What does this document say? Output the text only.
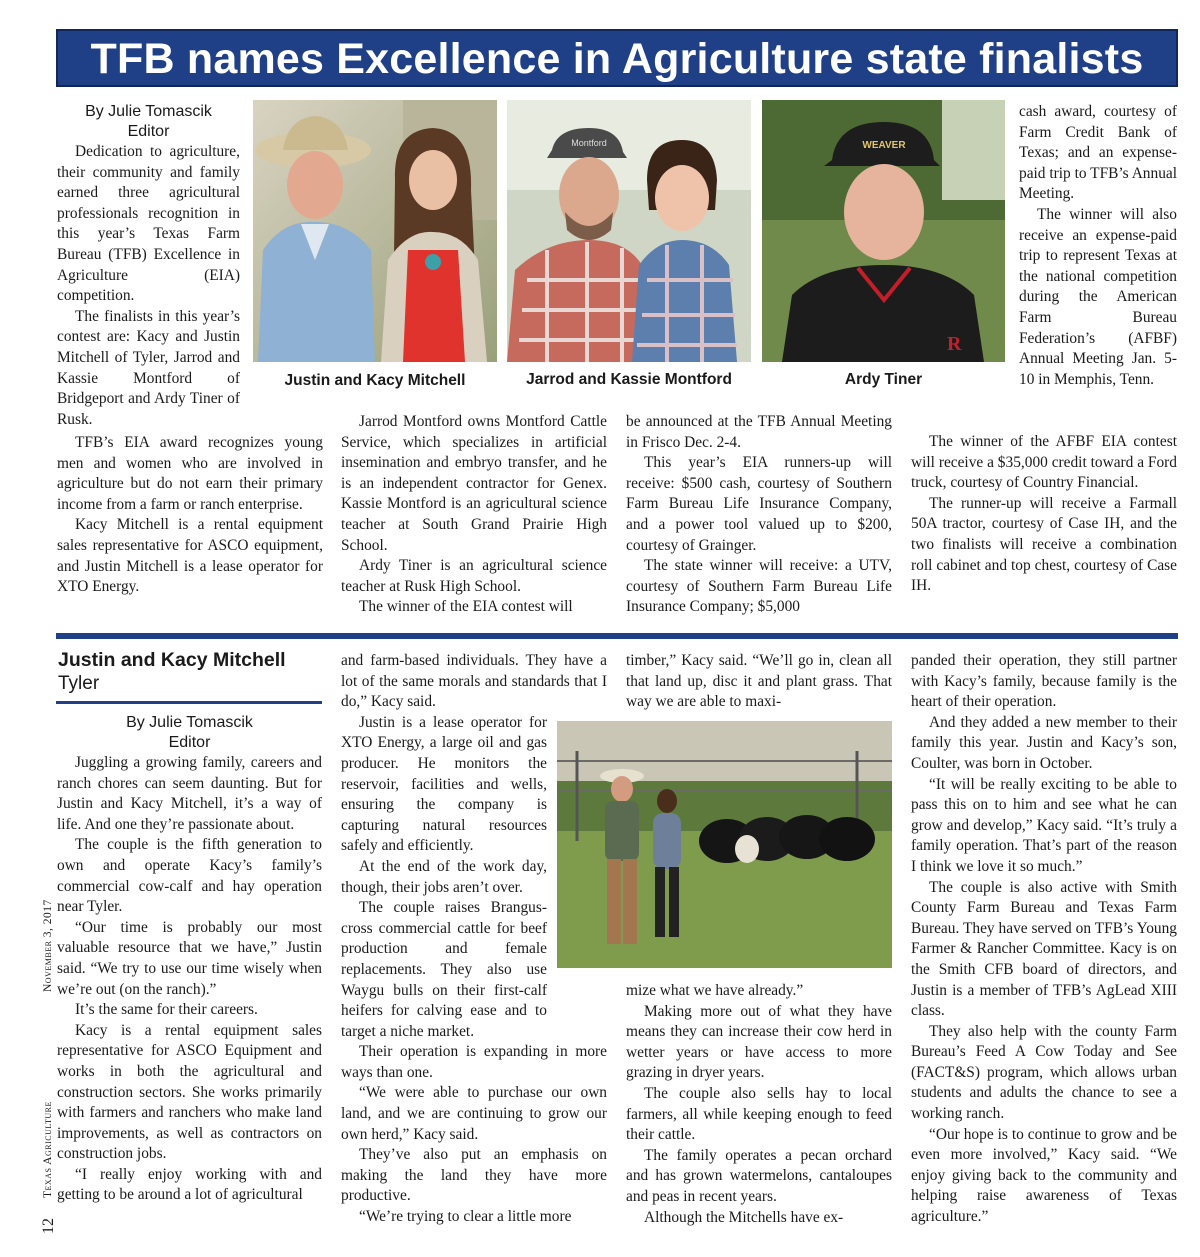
TFB names Excellence in Agriculture state finalists
By Julie Tomascik
Editor

Dedication to agriculture, their community and family earned three agricultural professionals recognition in this year’s Texas Farm Bureau (TFB) Excellence in Agriculture (EIA) competition.

The finalists in this year’s contest are: Kacy and Justin Mitchell of Tyler, Jarrod and Kassie Montford of Bridgeport and Ardy Tiner of Rusk.

TFB’s EIA award recognizes young men and women who are involved in agriculture but do not earn their primary income from a farm or ranch enterprise.

Kacy Mitchell is a rental equipment sales representative for ASCO equipment, and Justin Mitchell is a lease operator for XTO Energy.

Montford	WEAVER
R
Justin and Kacy Mitchell	Jarrod and Kassie Montford	Ardy Tiner

Jarrod Montford owns Montford Cattle Service, which specializes in artificial insemination and embryo transfer, and he is an independent contractor for Genex. Kassie Montford is an agricultural science teacher at South Grand Prairie High School.

Ardy Tiner is an agricultural science teacher at Rusk High School.

The winner of the EIA contest will

be announced at the TFB Annual Meeting in Frisco Dec. 2-4.

This year’s EIA runners-up will receive: $500 cash, courtesy of Southern Farm Bureau Life Insurance Company, and a power tool valued up to $200, courtesy of Grainger.

The state winner will receive: a UTV, courtesy of Southern Farm Bureau Life Insurance Company; $5,000

cash award, courtesy of Farm Credit Bank of Texas; and an expense-paid trip to TFB’s Annual Meeting.

The winner will also receive an expense-paid trip to represent Texas at the national competition during the American Farm Bureau Federation’s (AFBF) Annual Meeting Jan. 5-10 in Memphis, Tenn.

The winner of the AFBF EIA contest will receive a $35,000 credit toward a Ford truck, courtesy of Country Financial.

The runner-up will receive a Farmall 50A tractor, courtesy of Case IH, and the two finalists will receive a combination roll cabinet and top chest, courtesy of Case IH.

Justin and Kacy Mitchell
Tyler
By Julie Tomascik
Editor

Juggling a growing family, careers and ranch chores can seem daunting. But for Justin and Kacy Mitchell, it’s a way of life. And one they’re passionate about.

The couple is the fifth generation to own and operate Kacy’s family’s commercial cow-calf and hay operation near Tyler.

“Our time is probably our most valuable resource that we have,” Justin said. “We try to use our time wisely when we’re out (on the ranch).”

It’s the same for their careers.

Kacy is a rental equipment sales representative for ASCO Equipment and works in both the agricultural and construction sectors. She works primarily with farmers and ranchers who make land improvements, as well as contractors on construction jobs.

“I really enjoy working with and getting to be around a lot of agricultural

and farm-based individuals. They have a lot of the same morals and standards that I do,” Kacy said.

Justin is a lease operator for XTO Energy, a large oil and gas producer. He monitors the reservoir, facilities and wells, ensuring the company is capturing natural resources safely and efficiently.

At the end of the work day, though, their jobs aren’t over.

The couple raises Brangus-cross commercial cattle for beef production and female replacements. They also use Waygu bulls on their first-calf heifers for calving ease and to target a niche market.

Their operation is expanding in more ways than one.

“We were able to purchase our own land, and we are continuing to grow our own herd,” Kacy said.

They’ve also put an emphasis on making the land they have more productive.

“We’re trying to clear a little more

timber,” Kacy said. “We’ll go in, clean all that land up, disc it and plant grass. That way we are able to maxi-

mize what we have already.”

Making more out of what they have means they can increase their cow herd in wetter years or have access to more grazing in dryer years.

The couple also sells hay to local farmers, all while keeping enough to feed their cattle.

The family operates a pecan orchard and has grown watermelons, cantaloupes and peas in recent years.

Although the Mitchells have ex-

panded their operation, they still partner with Kacy’s family, because family is the heart of their operation.

And they added a new member to their family this year. Justin and Kacy’s son, Coulter, was born in October.

“It will be really exciting to be able to pass this on to him and see what he can grow and develop,” Kacy said. “It’s truly a family operation. That’s part of the reason I think we love it so much.”

The couple is also active with Smith County Farm Bureau and Texas Farm Bureau. They have served on TFB’s Young Farmer & Rancher Committee. Kacy is on the Smith CFB board of directors, and Justin is a member of TFB’s AgLead XIII class.

They also help with the county Farm Bureau’s Feed A Cow Today and See (FACT&S) program, which allows urban students and adults the chance to see a working ranch.

“Our hope is to continue to grow and be even more involved,” Kacy said. “We enjoy giving back to the community and helping raise awareness of Texas agriculture.”

November 3, 2017
Texas Agriculture
12
